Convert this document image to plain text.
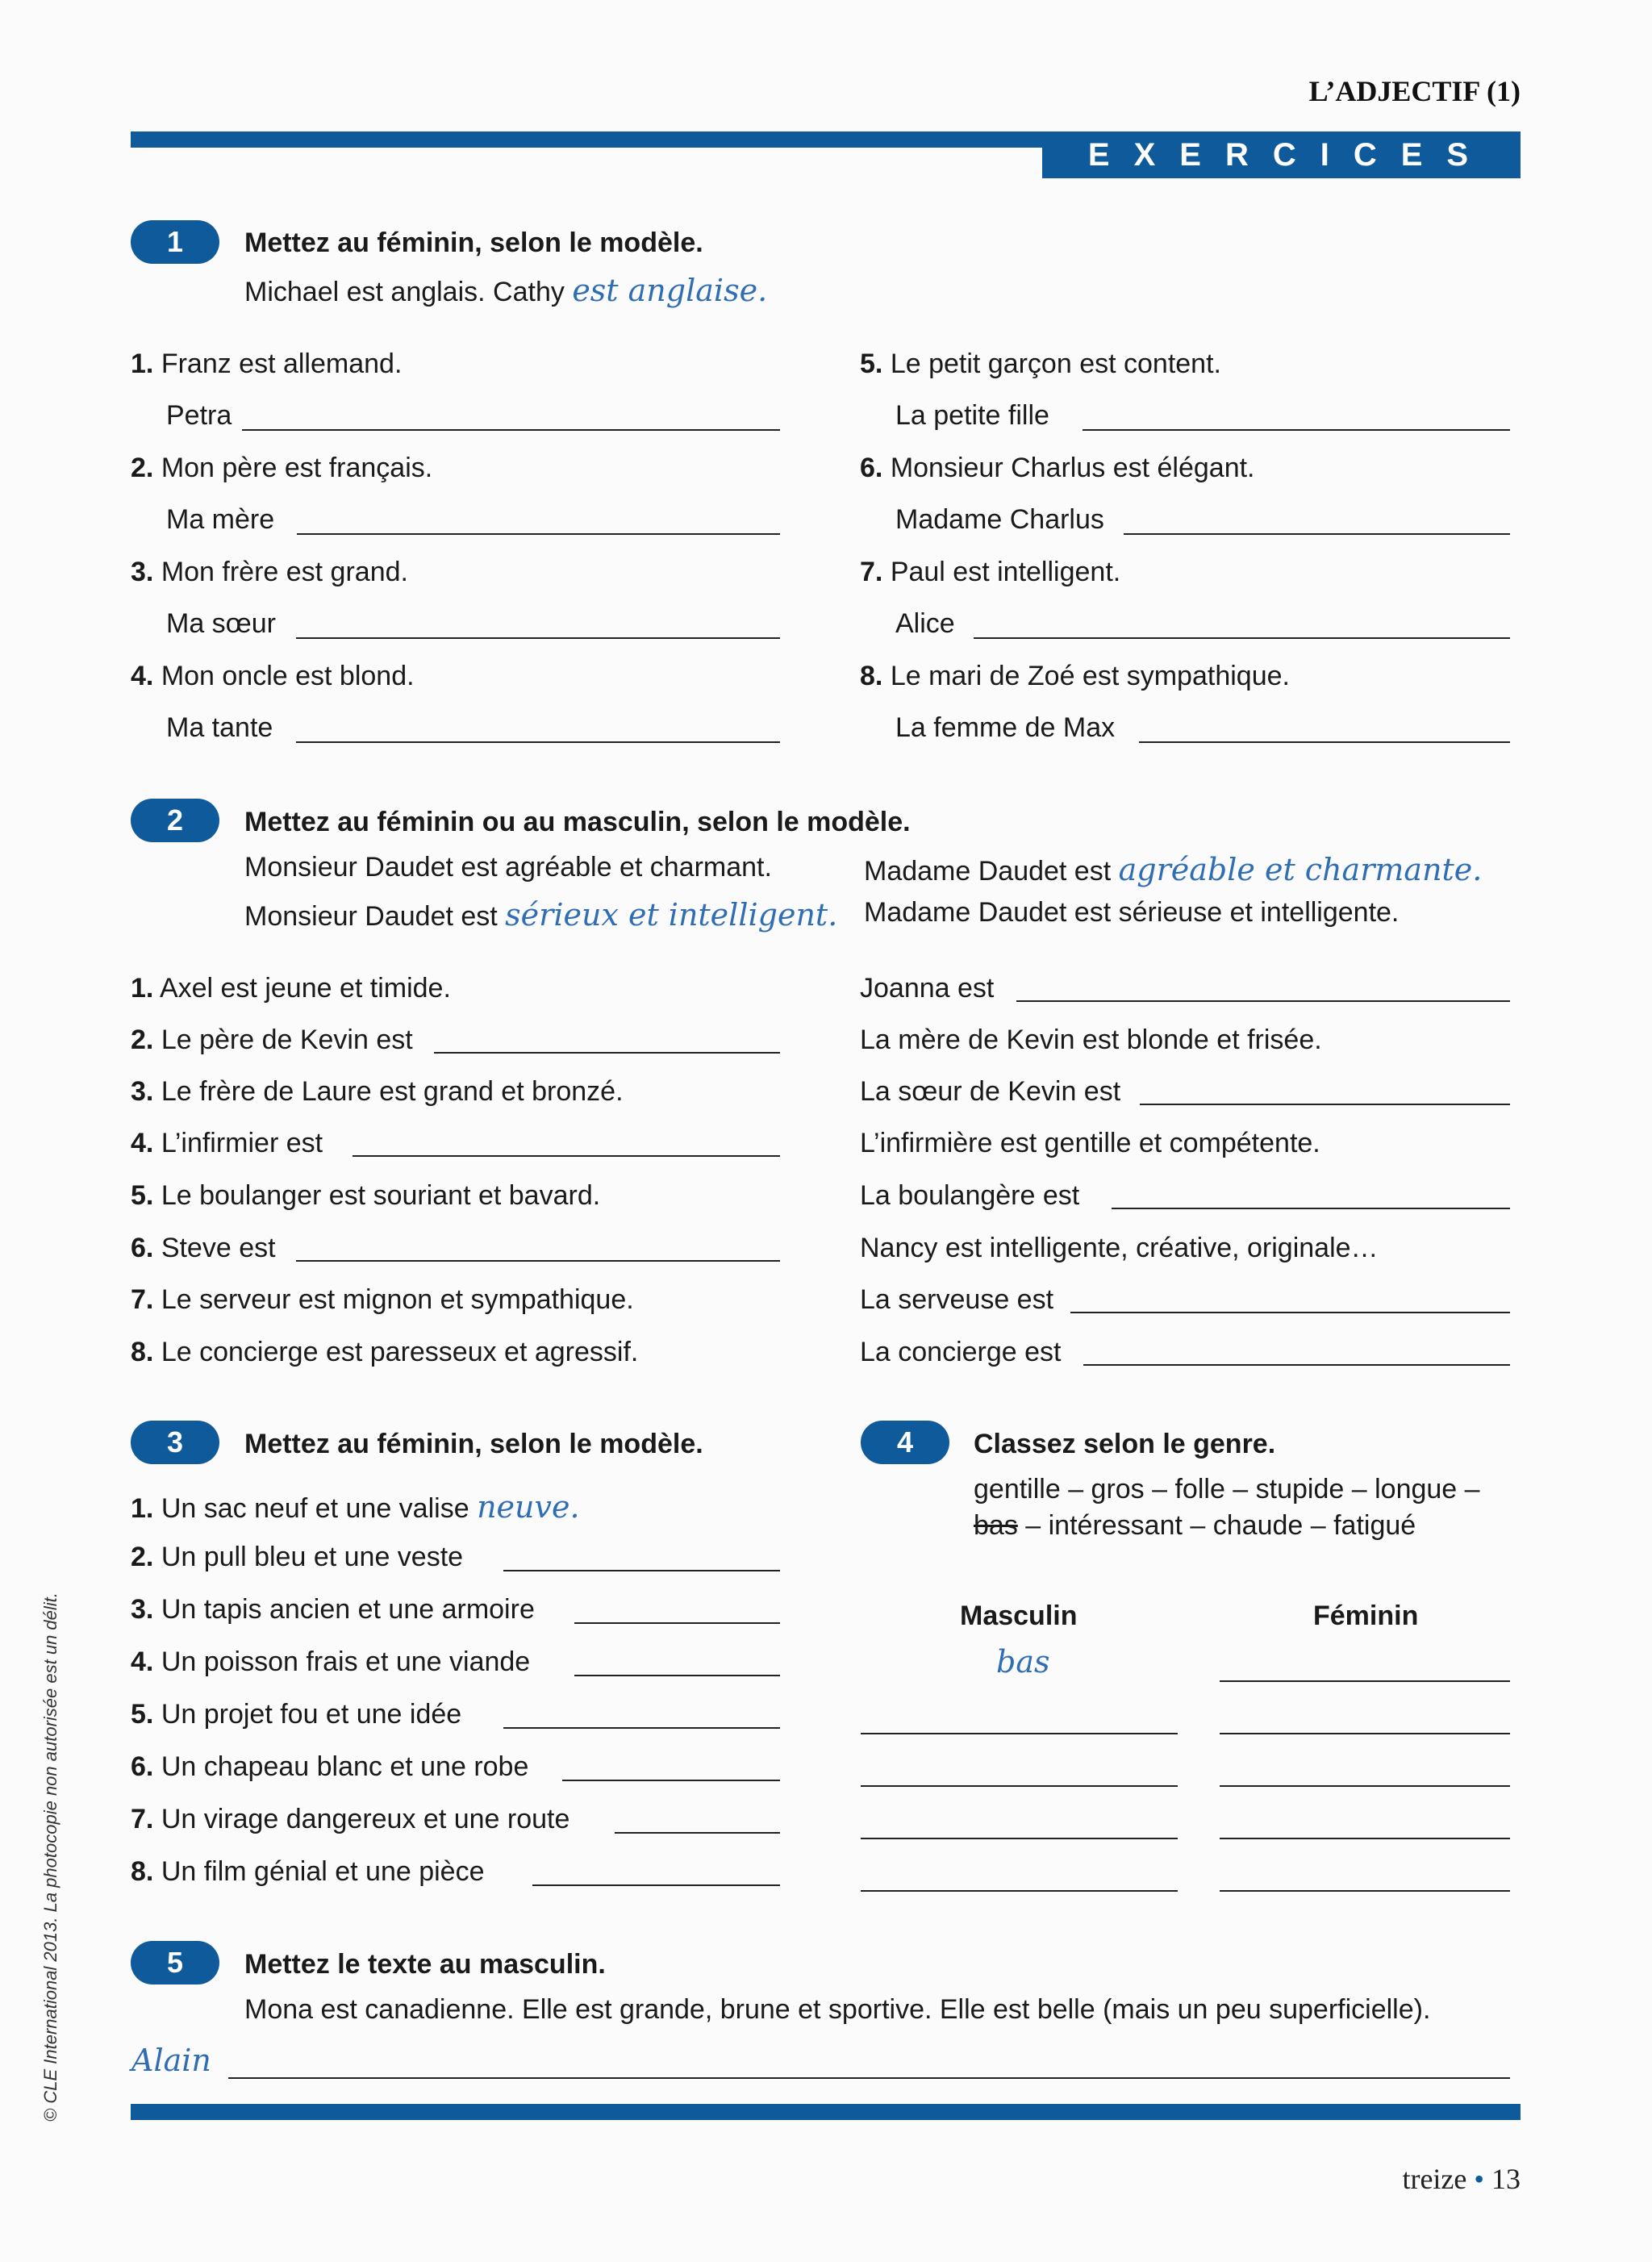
L’ADJECTIF (1)
EXERCICES
1	Mettez au féminin, selon le modèle.
Michael est anglais. Cathy est anglaise.
1. Franz est allemand.
Petra
2. Mon père est français.
Ma mère
3. Mon frère est grand.
Ma sœur
4. Mon oncle est blond.
Ma tante
5. Le petit garçon est content.
La petite fille
6. Monsieur Charlus est élégant.
Madame Charlus
7. Paul est intelligent.
Alice
8. Le mari de Zoé est sympathique.
La femme de Max
2	Mettez au féminin ou au masculin, selon le modèle.
Monsieur Daudet est agréable et charmant.	Madame Daudet est agréable et charmante.
Monsieur Daudet est sérieux et intelligent. Madame Daudet est sérieuse et intelligente.
1. Axel est jeune et timide.	Joanna est
2. Le père de Kevin est	La mère de Kevin est blonde et frisée.
3. Le frère de Laure est grand et bronzé.	La sœur de Kevin est
4. L’infirmier est	L’infirmière est gentille et compétente.
5. Le boulanger est souriant et bavard.	La boulangère est
6. Steve est	Nancy est intelligente, créative, originale…
7. Le serveur est mignon et sympathique.	La serveuse est
8. Le concierge est paresseux et agressif.	La concierge est
3	Mettez au féminin, selon le modèle.
1. Un sac neuf et une valise neuve.
2. Un pull bleu et une veste
3. Un tapis ancien et une armoire
4. Un poisson frais et une viande
5. Un projet fou et une idée
6. Un chapeau blanc et une robe
7. Un virage dangereux et une route
8. Un film génial et une pièce
4	Classez selon le genre.
gentille – gros – folle – stupide – longue –
bas – intéressant – chaude – fatigué
Masculin	Féminin
bas
5	Mettez le texte au masculin.
Mona est canadienne. Elle est grande, brune et sportive. Elle est belle (mais un peu superficielle).
Alain
treize • 13
© CLE International 2013. La photocopie non autorisée est un délit.
